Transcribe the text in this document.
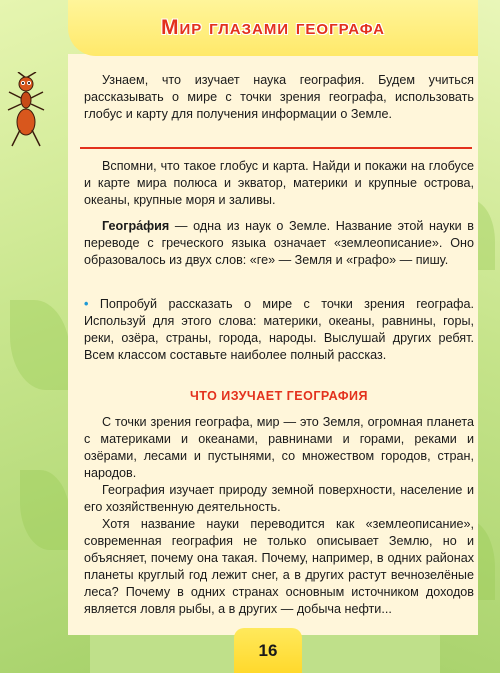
Мир глазами географа
Узнаем, что изучает наука география. Будем учиться рассказывать о мире с точки зрения географа, использовать глобус и карту для получения информации о Земле.
Вспомни, что такое глобус и карта. Найди и покажи на глобусе и карте мира полюса и экватор, материки и крупные острова, океаны, крупные моря и заливы.
Геогра́фия — одна из наук о Земле. Название этой науки в переводе с греческого языка означает «землеописание». Оно образовалось из двух слов: «ге» — Земля и «графо» — пишу.
• Попробуй рассказать о мире с точки зрения географа. Используй для этого слова: материки, океаны, равнины, горы, реки, озёра, страны, города, народы. Выслушай других ребят. Всем классом составьте наиболее полный рассказ.
ЧТО ИЗУЧАЕТ ГЕОГРАФИЯ

С точки зрения географа, мир — это Земля, огромная планета с материками и океанами, равнинами и горами, реками и озёрами, лесами и пустынями, со множеством городов, стран, народов.

География изучает природу земной поверхности, население и его хозяйственную деятельность.

Хотя название науки переводится как «землеописание», современная география не только описывает Землю, но и объясняет, почему она такая. Почему, например, в одних районах планеты круглый год лежит снег, а в других растут вечнозелёные леса? Почему в одних странах основным источником доходов является ловля рыбы, а в других — добыча нефти...

16
